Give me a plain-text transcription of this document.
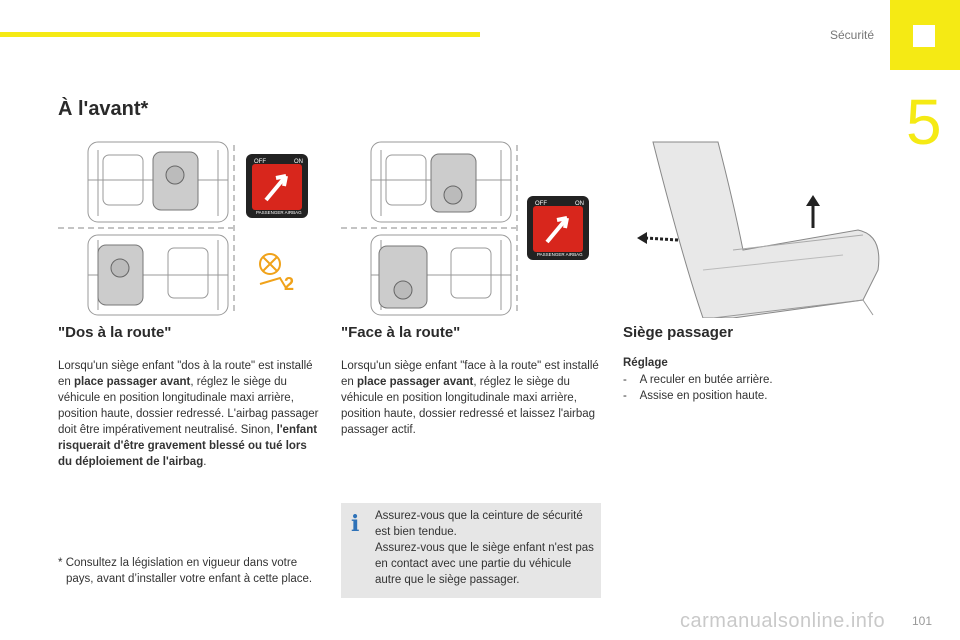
Sécurité
5
À l'avant*
OFF	ON
PASSENGER AIRBAG
2
OFF	ON
PASSENGER AIRBAG
"Dos à la route"
Lorsqu'un siège enfant "dos à la route" est installé en place passager avant, réglez le siège du véhicule en position longitudinale maxi arrière, position haute, dossier redressé. L'airbag passager doit être impérativement neutralisé. Sinon, l'enfant risquerait d'être gravement blessé ou tué lors du déploiement de l'airbag.
"Face à la route"
Lorsqu'un siège enfant "face à la route" est installé en place passager avant, réglez le siège du véhicule en position longitudinale maxi arrière, position haute, dossier redressé et laissez l'airbag passager actif.
Siège passager
Réglage
-    A reculer en butée arrière.
-    Assise en position haute.
i Assurez-vous que la ceinture de sécurité est bien tendue.
Assurez-vous que le siège enfant n'est pas en contact avec une partie du véhicule autre que le siège passager.
* Consultez la législation en vigueur dans votre
pays, avant d’installer votre enfant à cette place.
carmanualsonline.info 101
